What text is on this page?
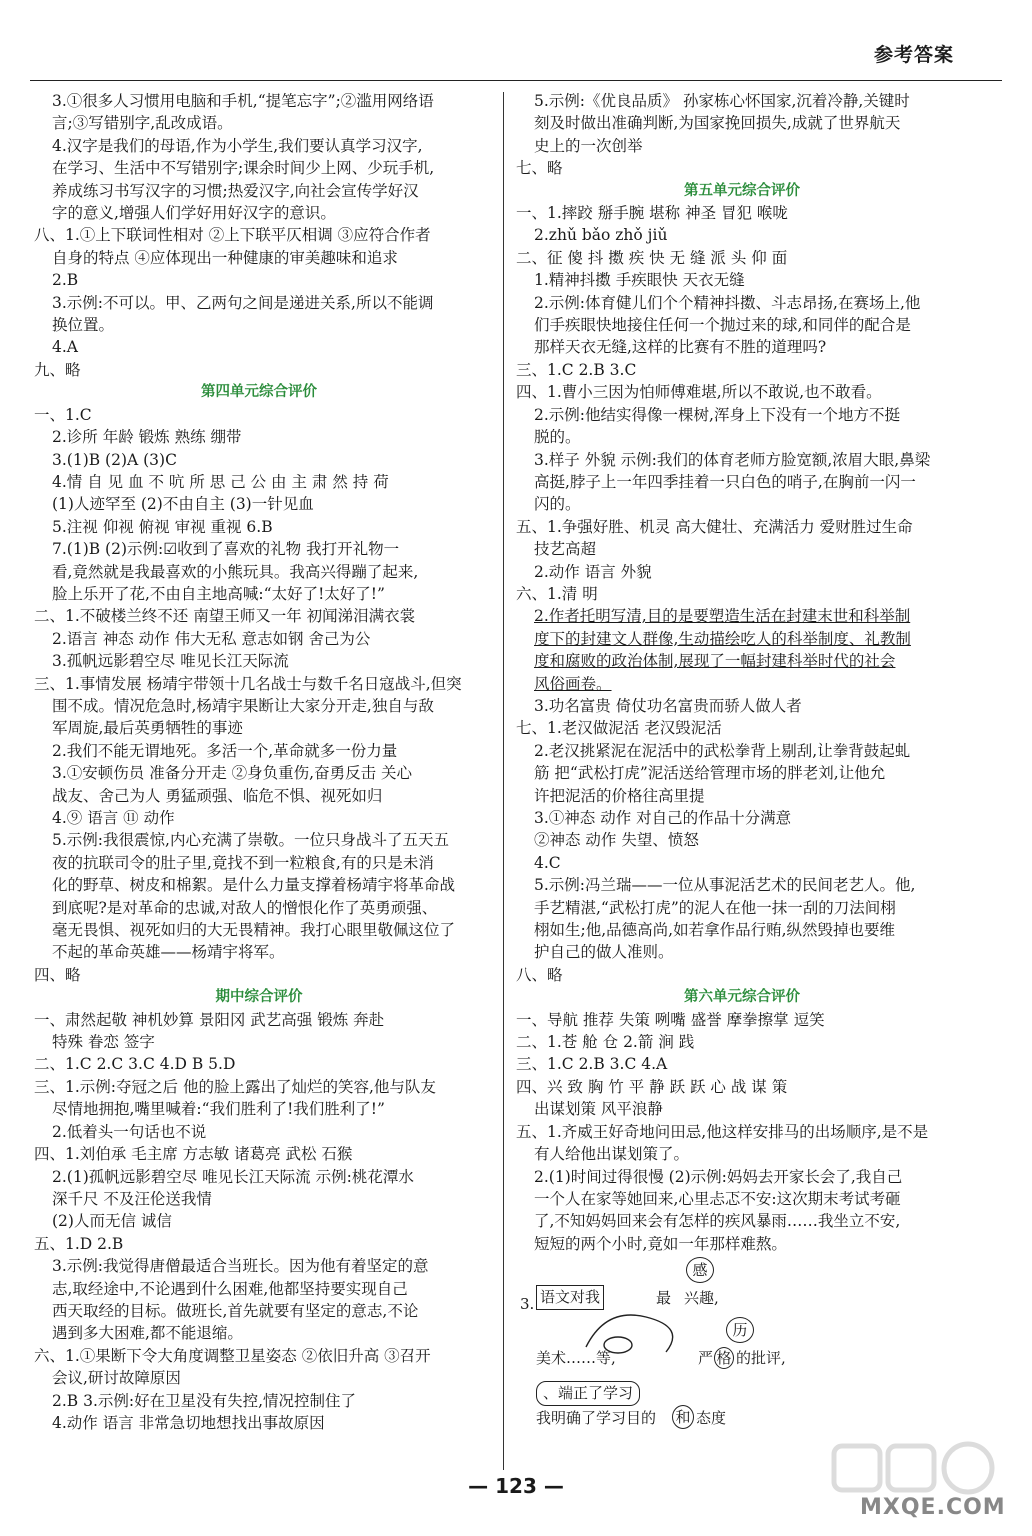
参考答案
3.①很多人习惯用电脑和手机,“提笔忘字”;②滥用网络语
言;③写错别字,乱改成语。
4.汉字是我们的母语,作为小学生,我们要认真学习汉字,
在学习、生活中不写错别字;课余时间少上网、少玩手机,
养成练习书写汉字的习惯;热爱汉字,向社会宣传学好汉
字的意义,增强人们学好用好汉字的意识。
八、1.①上下联词性相对 ②上下联平仄相调 ③应符合作者
自身的特点 ④应体现出一种健康的审美趣味和追求
2.B
3.示例:不可以。甲、乙两句之间是递进关系,所以不能调
换位置。
4.A
九、略
第四单元综合评价
一、1.C
2.诊所 年龄 锻炼 熟练 绷带
3.(1)B (2)A (3)C
4.情 自 见 血 不 吭 所 思 己 公 由 主 肃 然 持 荷
(1)人迹罕至 (2)不由自主 (3)一针见血
5.注视 仰视 俯视 审视 重视 6.B
7.(1)B (2)示例:☑收到了喜欢的礼物 我打开礼物一
看,竟然就是我最喜欢的小熊玩具。我高兴得蹦了起来,
脸上乐开了花,不由自主地高喊:“太好了!太好了!”
二、1.不破楼兰终不还 南望王师又一年 初闻涕泪满衣裳
2.语言 神态 动作 伟大无私 意志如钢 舍己为公
3.孤帆远影碧空尽 唯见长江天际流
三、1.事情发展 杨靖宇带领十几名战士与数千名日寇战斗,但突
围不成。情况危急时,杨靖宇果断让大家分开走,独自与敌
军周旋,最后英勇牺牲的事迹
2.我们不能无谓地死。多活一个,革命就多一份力量
3.①安顿伤员 准备分开走 ②身负重伤,奋勇反击 关心
战友、舍己为人 勇猛顽强、临危不惧、视死如归
4.⑨ 语言 ⑪ 动作
5.示例:我很震惊,内心充满了崇敬。一位只身战斗了五天五
夜的抗联司令的肚子里,竟找不到一粒粮食,有的只是未消
化的野草、树皮和棉絮。是什么力量支撑着杨靖宇将革命战
到底呢?是对革命的忠诚,对敌人的憎恨化作了英勇顽强、
毫无畏惧、视死如归的大无畏精神。我打心眼里敬佩这位了
不起的革命英雄——杨靖宇将军。
四、略
期中综合评价
一、肃然起敬 神机妙算 景阳冈 武艺高强 锻炼 奔赴
特殊 眷恋 签字
二、1.C 2.C 3.C 4.D B 5.D
三、1.示例:夺冠之后 他的脸上露出了灿烂的笑容,他与队友
尽情地拥抱,嘴里喊着:“我们胜利了!我们胜利了!”
2.低着头一句话也不说
四、1.刘伯承 毛主席 方志敏 诸葛亮 武松 石猴
2.(1)孤帆远影碧空尽 唯见长江天际流 示例:桃花潭水
深千尺 不及汪伦送我情
(2)人而无信 诚信
五、1.D 2.B
3.示例:我觉得唐僧最适合当班长。因为他有着坚定的意
志,取经途中,不论遇到什么困难,他都坚持要实现自己
西天取经的目标。做班长,首先就要有坚定的意志,不论
遇到多大困难,都不能退缩。
六、1.①果断下令大角度调整卫星姿态 ②依旧升高 ③召开
会议,研讨故障原因
2.B 3.示例:好在卫星没有失控,情况控制住了
4.动作 语言 非常急切地想找出事故原因
5.示例:《优良品质》 孙家栋心怀国家,沉着冷静,关键时
刻及时做出准确判断,为国家挽回损失,成就了世界航天
史上的一次创举
七、略
第五单元综合评价
一、1.摔跤 掰手腕 堪称 神圣 冒犯 喉咙
2.zhǔ bǎo zhǒ jiǔ
二、征 傻 抖 擞 疾 快 无 缝 派 头 仰 面
1.精神抖擞 手疾眼快 天衣无缝
2.示例:体育健儿们个个精神抖擞、斗志昂扬,在赛场上,他
们手疾眼快地接住任何一个抛过来的球,和同伴的配合是
那样天衣无缝,这样的比赛有不胜的道理吗?
三、1.C 2.B 3.C
四、1.曹小三因为怕师傅难堪,所以不敢说,也不敢看。
2.示例:他结实得像一棵树,浑身上下没有一个地方不挺
脱的。
3.样子 外貌 示例:我们的体育老师方脸宽额,浓眉大眼,鼻梁
高挺,脖子上一年四季挂着一只白色的哨子,在胸前一闪一
闪的。
五、1.争强好胜、机灵 高大健壮、充满活力 爱财胜过生命
技艺高超
2.动作 语言 外貌
六、1.清 明
2.作者托明写清,目的是要塑造生活在封建末世和科举制
度下的封建文人群像,生动描绘吃人的科举制度、礼教制
度和腐败的政治体制,展现了一幅封建科举时代的社会
风俗画卷。
3.功名富贵 倚仗功名富贵而骄人做人者
七、1.老汉做泥活 老汉毁泥活
2.老汉挑紧泥在泥活中的武松拳背上剔刮,让拳背鼓起虬
筋 把“武松打虎”泥活送给管理市场的胖老刘,让他允
许把泥活的价格往高里提
3.①神态 动作 对自己的作品十分满意
②神态 动作 失望、愤怒
4.C
5.示例:冯兰瑞——一位从事泥活艺术的民间老艺人。他,
手艺精湛,“武松打虎”的泥人在他一抹一刮的刀法间栩
栩如生;他,品德高尚,如若拿作品行贿,纵然毁掉也要维
护自己的做人准则。
八、略
第六单元综合评价
一、导航 推荐 失策 咧嘴 盛誉 摩拳擦掌 逗笑
二、1.苍 舱 仓 2.箭 涧 践
三、1.C 2.B 3.C 4.A
四、兴 致 胸 竹 平 静 跃 跃 心 战 谋 策
出谋划策 风平浪静
五、1.齐威王好奇地问田忌,他这样安排马的出场顺序,是不是
有人给他出谋划策了。
2.(1)时间过得很慢 (2)示例:妈妈去开家长会了,我自己
一个人在家等她回来,心里忐忑不安:这次期末考试考砸
了,不知妈妈回来会有怎样的疾风暴雨……我坐立不安,
短短的两个小时,竟如一年那样难熬。
3. 语文对我	最
感
兴趣,
美术……等,	严
历
格 的批评,
、端正了学习
我明确了学习目的 和 态度
— 123 —
MXQE.COM
